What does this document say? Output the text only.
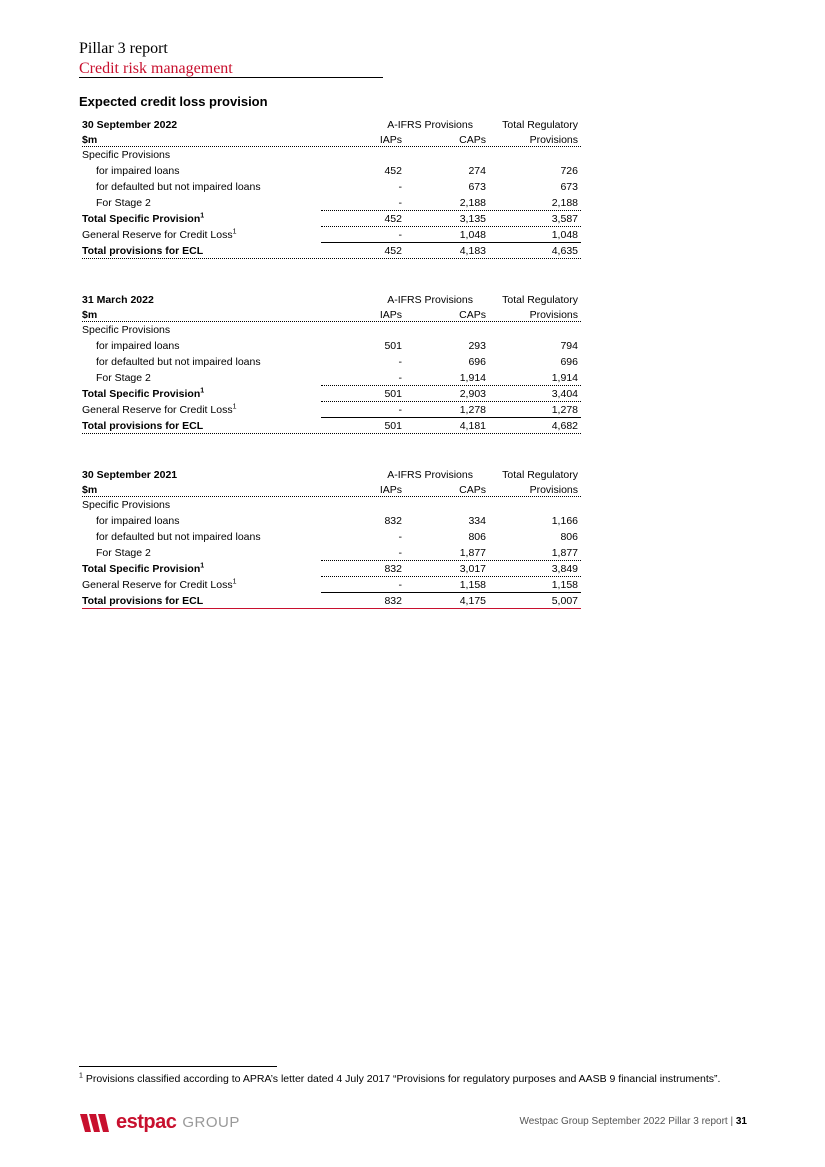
Pillar 3 report
Credit risk management
Expected credit loss provision
30 September 2022	A-IFRS Provisions	Total Regulatory
$m	IAPs	CAPs	Provisions
Specific Provisions
for impaired loans	452	274	726
for defaulted but not impaired loans	-	673	673
For Stage 2	-	2,188	2,188
Total Specific Provision$^1$	452	3,135	3,587
General Reserve for Credit Loss$^1$	-	1,048	1,048
Total provisions for ECL	452	4,183	4,635
31 March 2022	A-IFRS Provisions	Total Regulatory
$m	IAPs	CAPs	Provisions
Specific Provisions
for impaired loans	501	293	794
for defaulted but not impaired loans	-	696	696
For Stage 2	-	1,914	1,914
Total Specific Provision$^1$	501	2,903	3,404
General Reserve for Credit Loss$^1$	-	1,278	1,278
Total provisions for ECL	501	4,181	4,682
30 September 2021	A-IFRS Provisions	Total Regulatory
$m	IAPs	CAPs	Provisions
Specific Provisions
for impaired loans	832	334	1,166
for defaulted but not impaired loans	-	806	806
For Stage 2	-	1,877	1,877
Total Specific Provision$^1$	832	3,017	3,849
General Reserve for Credit Loss$^1$	-	1,158	1,158
Total provisions for ECL	832	4,175	5,007
$^1$ Provisions classified according to APRA’s letter dated 4 July 2017 “Provisions for regulatory purposes and AASB 9 financial instruments”.
estpac GROUP	Westpac Group September 2022 Pillar 3 report | 31
